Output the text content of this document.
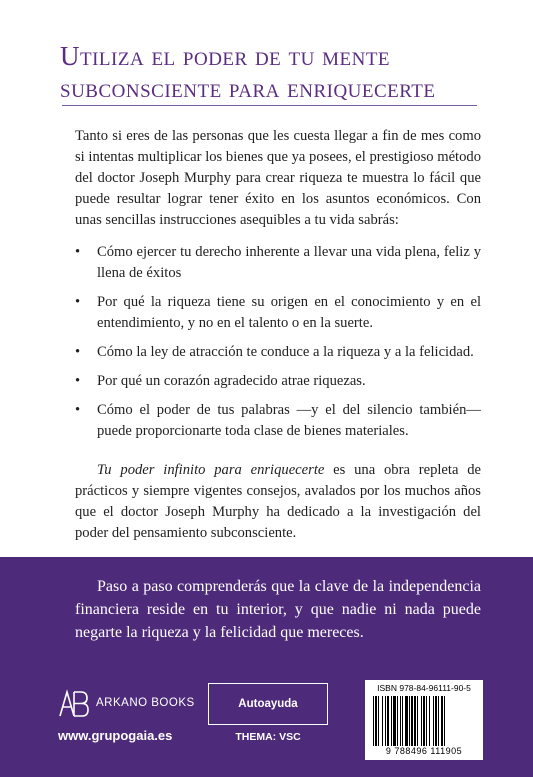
Utiliza el poder de tu mente
subconsciente para enriquecerte

Tanto si eres de las personas que les cuesta llegar a fin de mes como si intentas multiplicar los bienes que ya posees, el prestigioso método del doctor Joseph Murphy para crear riqueza te muestra lo fácil que puede resultar lograr tener éxito en los asuntos económicos. Con unas sencillas instrucciones asequibles a tu vida sabrás:

• Cómo ejercer tu derecho inherente a llevar una vida plena, feliz y llena de éxitos
• Por qué la riqueza tiene su origen en el conocimiento y en el entendimiento, y no en el talento o en la suerte.
• Cómo la ley de atracción te conduce a la riqueza y a la felicidad.
• Por qué un corazón agradecido atrae riquezas.
• Cómo el poder de tus palabras —y el del silencio también— puede proporcionarte toda clase de bienes materiales.

Tu poder infinito para enriquecerte es una obra repleta de prácticos y siempre vigentes consejos, avalados por los muchos años que el doctor Joseph Murphy ha dedicado a la investigación del poder del pensamiento subconsciente.

Paso a paso comprenderás que la clave de la independencia financiera reside en tu interior, y que nadie ni nada puede negarte la riqueza y la felicidad que mereces.

ARKANO BOOKS
www.grupogaia.es
Autoayuda
THEMA: VSC
ISBN 978-84-96111-90-5
9 788496 111905
